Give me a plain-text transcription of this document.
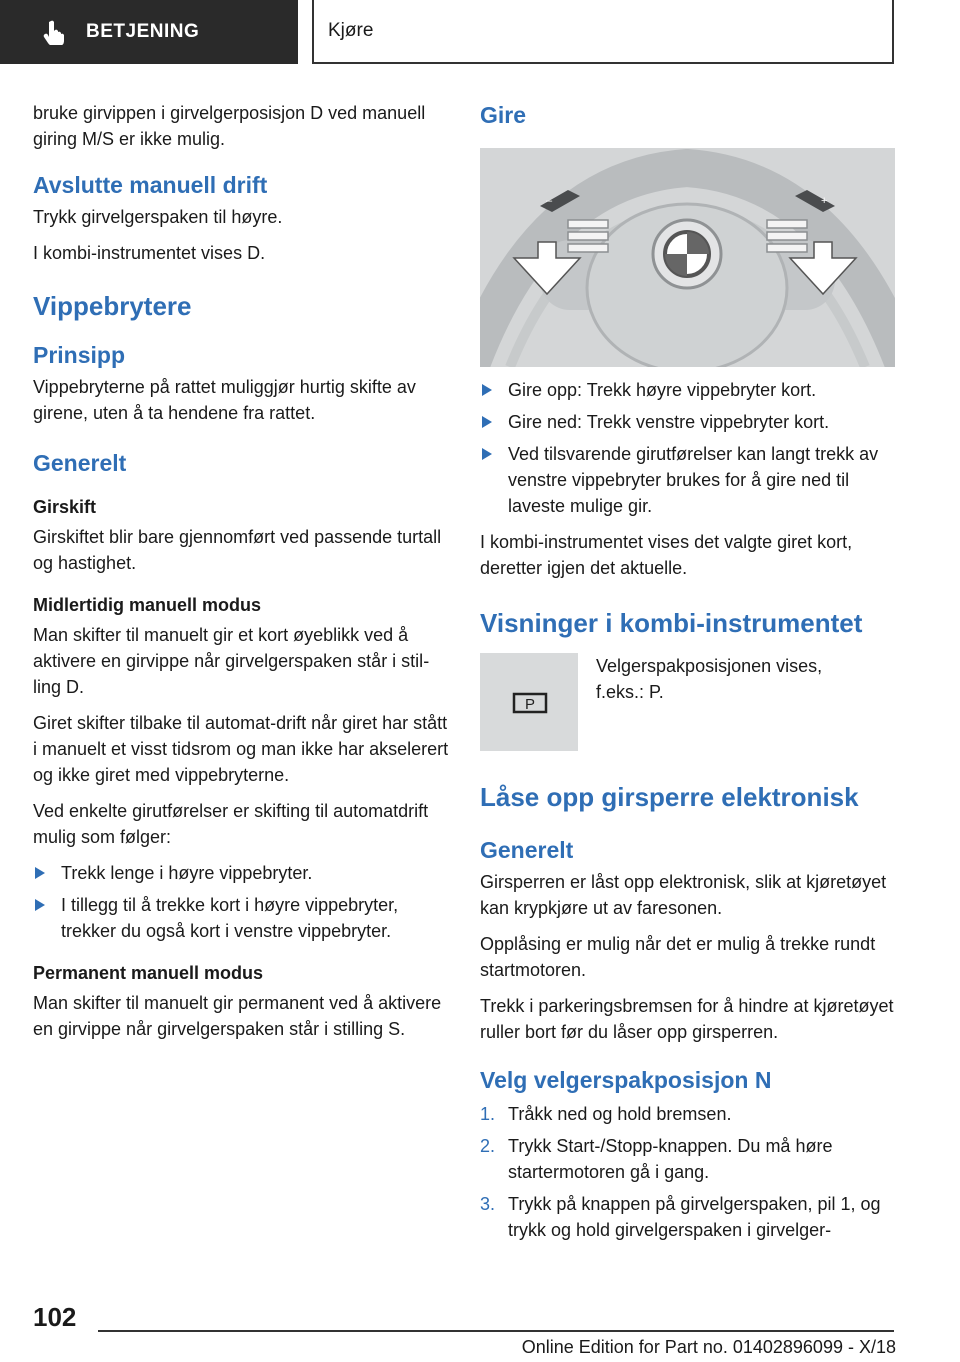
BETJENING	Kjøre

bruke girvippen i girvelgerposisjon D ved manuell giring M/S er ikke mulig.

Avslutte manuell drift

Trykk girvelgerspaken til høyre.

I kombi-instrumentet vises D.

Vippebrytere
Prinsipp

Vippebryterne på rattet muliggjør hurtig skifte av girene, uten å ta hendene fra rattet.

Generelt
Girskift

Girskiftet blir bare gjennomført ved passende turtall og hastighet.

Midlertidig manuell modus

Man skifter til manuelt gir et kort øyeblikk ved å aktivere en girvippe når girvelgerspaken står i stilling D.

Giret skifter tilbake til automat-drift når giret har stått i manuelt et visst tidsrom og man ikke har akselerert og ikke giret med vippebryterne.

Ved enkelte girutførelser er skifting til automatdrift mulig som følger:

Trekk lenge i høyre vippebryter.
I tillegg til å trekke kort i høyre vippebryter, trekker du også kort i venstre vippebryter.
Permanent manuell modus

Man skifter til manuelt gir permanent ved å aktivere en girvippe når girvelgerspaken står i stilling S.

Gire
–	+
Gire opp: Trekk høyre vippebryter kort.
Gire ned: Trekk venstre vippebryter kort.
Ved tilsvarende girutførelser kan langt trekk av venstre vippebryter brukes for å gire ned til laveste mulige gir.

I kombi-instrumentet vises det valgte giret kort, deretter igjen det aktuelle.

Visninger i kombi-instrumentet
P

Velgerspakposisjonen vises, f.eks.: P.

Låse opp girsperre elektronisk
Generelt

Girsperren er låst opp elektronisk, slik at kjøretøyet kan krypkjøre ut av faresonen.

Opplåsing er mulig når det er mulig å trekke rundt startmotoren.

Trekk i parkeringsbremsen for å hindre at kjøretøyet ruller bort før du låser opp girsperren.

Velg velgerspakposisjon N
1. Tråkk ned og hold bremsen.
2. Trykk Start-/Stopp-knappen. Du må høre startermotoren gå i gang.
3. Trykk på knappen på girvelgerspaken, pil 1, og trykk og hold girvelgerspaken i girvelger-
102
Online Edition for Part no. 01402896099 - X/18
